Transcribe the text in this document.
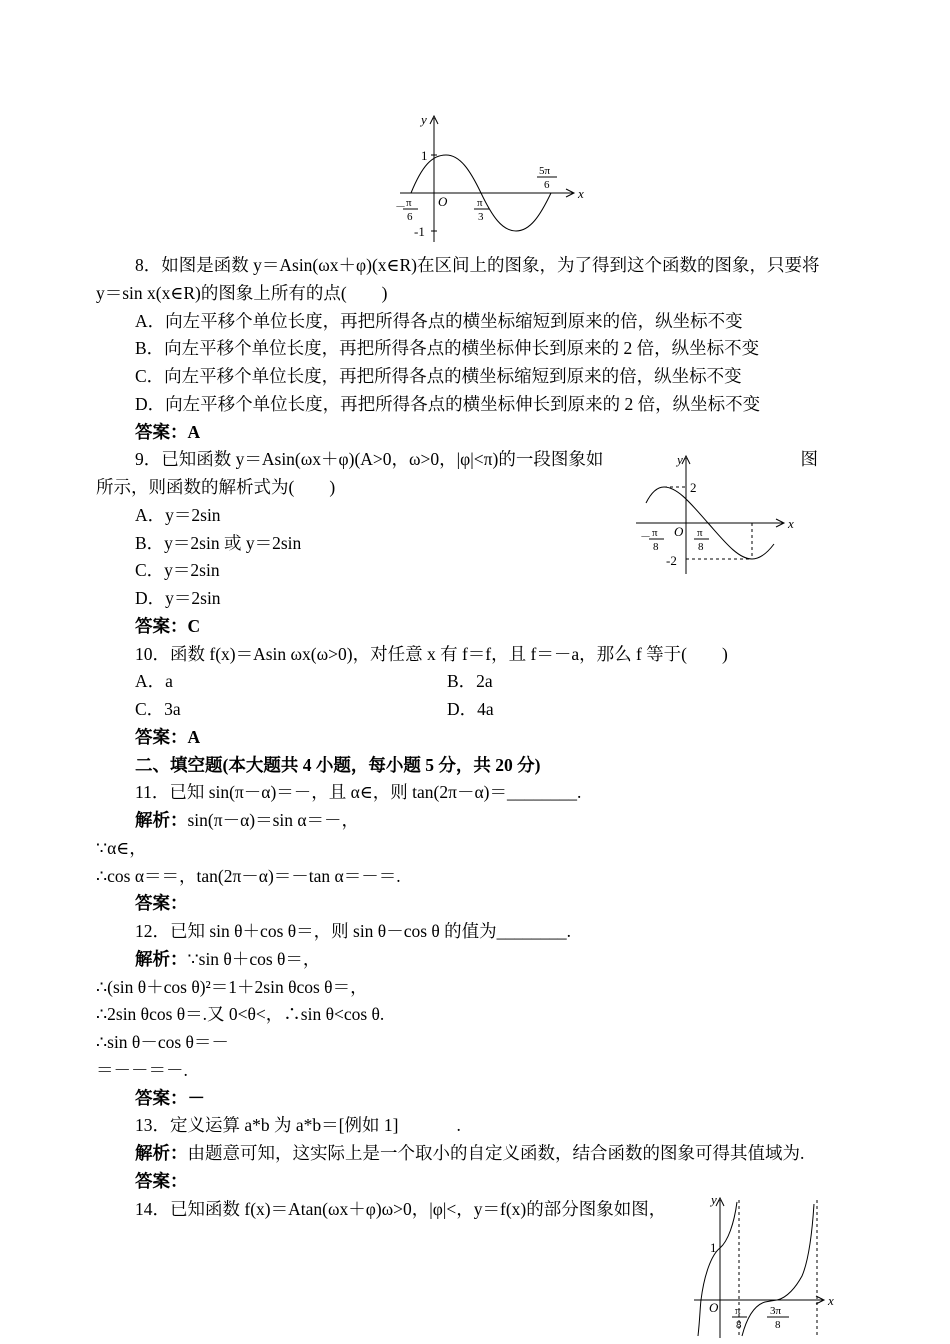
y
x
O
1
-1
－ π
6
π
3
5π
6
y
x
O
2
-2
－ π
8
π
8
y
x
O
1
π
8
3π
8
8．如图是函数 y＝Asin(ωx＋φ)(x∈R)在区间上的图象，为了得到这个函数的图象，只要将
y＝sin x(x∈R)的图象上所有的点(　　)
A．向左平移个单位长度，再把所得各点的横坐标缩短到原来的倍，纵坐标不变
B．向左平移个单位长度，再把所得各点的横坐标伸长到原来的 2 倍，纵坐标不变
C．向左平移个单位长度，再把所得各点的横坐标缩短到原来的倍，纵坐标不变
D．向左平移个单位长度，再把所得各点的横坐标伸长到原来的 2 倍，纵坐标不变
答案：A
9．已知函数 y＝Asin(ωx＋φ)(A>0，ω>0，|φ|<π)的一段图象如	图
所示，则函数的解析式为(　　)
A．y＝2sin
B．y＝2sin 或 y＝2sin
C．y＝2sin
D．y＝2sin
答案：C
10．函数 f(x)＝Asin ωx(ω>0)，对任意 x 有 f＝f，且 f＝－a，那么 f 等于(　　)
A．a	B．2a
C．3a	D．4a
答案：A
二、填空题(本大题共 4 小题，每小题 5 分，共 20 分)
11．已知 sin(π－α)＝－，且 α∈，则 tan(2π－α)＝________.
解析：sin(π－α)＝sin α＝－，
∵α∈，
∴cos α＝＝，tan(2π－α)＝－tan α＝－＝.
答案：
12．已知 sin θ＋cos θ＝，则 sin θ－cos θ 的值为________.
解析：∵sin θ＋cos θ＝，
∴(sin θ＋cos θ)²＝1＋2sin θcos θ＝，
∴2sin θcos θ＝.又 0<θ<，∴sin θ<cos θ.
∴sin θ－cos θ＝－
＝－－＝－.
答案：－
13．定义运算 a*b 为 a*b＝[例如 1]	.
解析：由题意可知，这实际上是一个取小的自定义函数，结合函数的图象可得其值域为.
答案：
14．已知函数 f(x)＝Atan(ωx＋φ)ω>0，|φ|<，y＝f(x)的部分图象如图，
